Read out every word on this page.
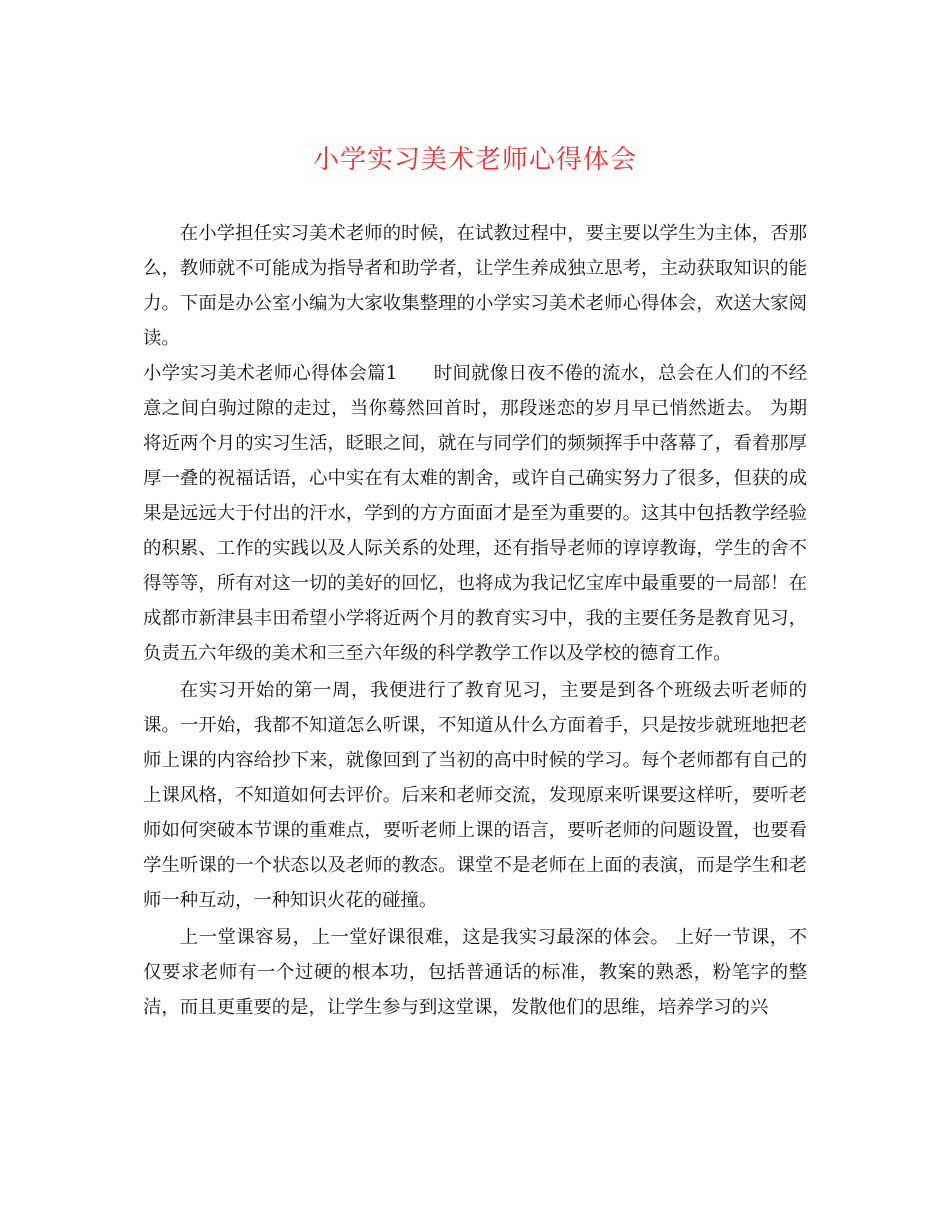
小学实习美术老师心得体会

在小学担任实习美术老师的时候，在试教过程中，要主要以学生为主体，否那么，教师就不可能成为指导者和助学者，让学生养成独立思考，主动获取知识的能力。下面是办公室小编为大家收集整理的小学实习美术老师心得体会，欢送大家阅读。

小学实习美术老师心得体会篇1 时间就像日夜不倦的流水，总会在人们的不经意之间白驹过隙的走过，当你蓦然回首时，那段迷恋的岁月早已悄然逝去。 为期将近两个月的实习生活，眨眼之间，就在与同学们的频频挥手中落幕了，看着那厚厚一叠的祝福话语，心中实在有太难的割舍，或许自己确实努力了很多，但获的成果是远远大于付出的汗水，学到的方方面面才是至为重要的。这其中包括教学经验的积累、工作的实践以及人际关系的处理，还有指导老师的谆谆教诲，学生的舍不得等等，所有对这一切的美好的回忆，也将成为我记忆宝库中最重要的一局部！在成都市新津县丰田希望小学将近两个月的教育实习中，我的主要任务是教育见习，负责五六年级的美术和三至六年级的科学教学工作以及学校的德育工作。

在实习开始的第一周，我便进行了教育见习，主要是到各个班级去听老师的课。一开始，我都不知道怎么听课，不知道从什么方面着手，只是按步就班地把老师上课的内容给抄下来，就像回到了当初的高中时候的学习。每个老师都有自己的上课风格，不知道如何去评价。后来和老师交流，发现原来听课要这样听，要听老师如何突破本节课的重难点，要听老师上课的语言，要听老师的问题设置，也要看学生听课的一个状态以及老师的教态。课堂不是老师在上面的表演，而是学生和老师一种互动，一种知识火花的碰撞。

上一堂课容易，上一堂好课很难，这是我实习最深的体会。 上好一节课，不仅要求老师有一个过硬的根本功，包括普通话的标准，教案的熟悉，粉笔字的整洁，而且更重要的是，让学生参与到这堂课，发散他们的思维，培养学习的兴
